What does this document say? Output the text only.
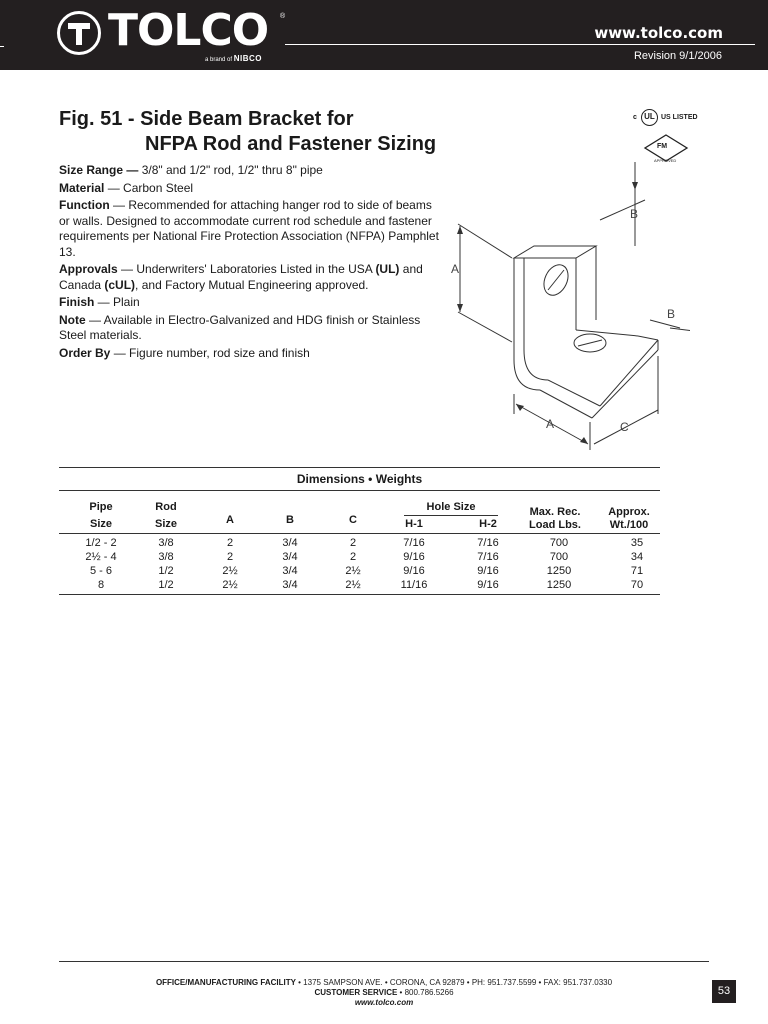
TOLCO ®
a brand of NIBCO
www.tolco.com
Revision 9/1/2006
Fig. 51 - Side Beam Bracket for
NFPA Rod and Fastener Sizing
c UL US LISTED
FM
APPROVED

Size Range — 3/8" and 1/2" rod, 1/2" thru 8" pipe

Material — Carbon Steel

Function — Recommended for attaching hanger rod to side of beams or walls. Designed to accommodate current rod schedule and fastener requirements per National Fire Protection Association (NFPA) Pamphlet 13.

Approvals — Underwriters' Laboratories Listed in the USA (UL) and Canada (cUL), and Factory Mutual Engineering approved.

Finish — Plain

Note — Available in Electro-Galvanized and HDG finish or Stainless Steel materials.

Order By — Figure number, rod size and finish

A
B
B
A	C
Dimensions • Weights
Pipe
Size
Rod
Size	A	B	C
Hole Size
H-1	H-2
Max. Rec.
Load Lbs.
Approx.
Wt./100
1/2 - 2	3/8	2	3/4	2	7/16	7/16	700	35
2½ - 4	3/8	2	3/4	2	9/16	7/16	700	34
5 - 6	1/2	2½	3/4	2½	9/16	9/16	1250	71
8	1/2	2½	3/4	2½	11/16	9/16	1250	70
OFFICE/MANUFACTURING FACILITY • 1375 SAMPSON AVE. • CORONA, CA 92879 • PH: 951.737.5599 • FAX: 951.737.0330
CUSTOMER SERVICE • 800.786.5266
www.tolco.com
53
